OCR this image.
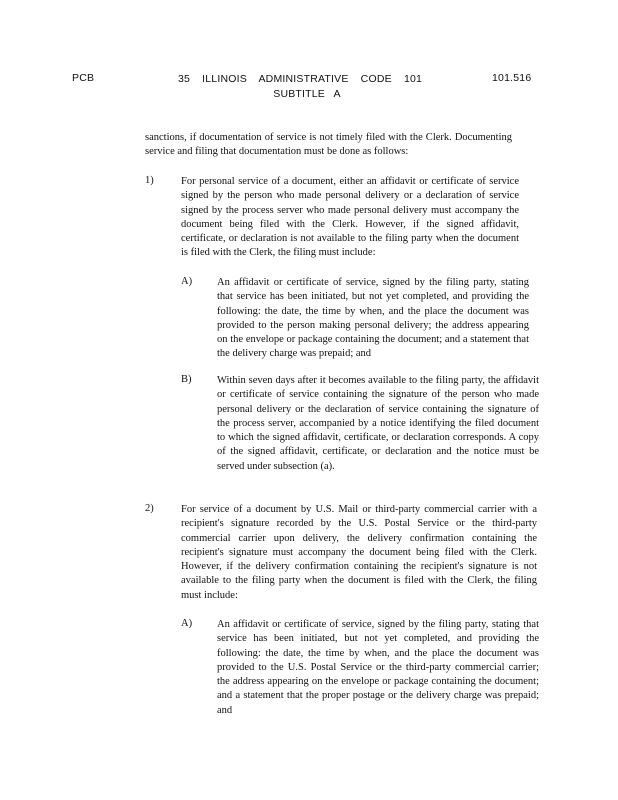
PCB	35 ILLINOIS ADMINISTRATIVE CODE 101
SUBTITLE A
101.516
sanctions, if documentation of service is not timely filed with the Clerk. Documenting service and filing that documentation must be done as follows:
1)	For personal service of a document, either an affidavit or certificate of service signed by the person who made personal delivery or a declaration of service signed by the process server who made personal delivery must accompany the document being filed with the Clerk. However, if the signed affidavit, certificate, or declaration is not available to the filing party when the document is filed with the Clerk, the filing must include:
A) An affidavit or certificate of service, signed by the filing party, stating that service has been initiated, but not yet completed, and providing the following: the date, the time by when, and the place the document was provided to the person making personal delivery; the address appearing on the envelope or package containing the document; and a statement that the delivery charge was prepaid; and
B) Within seven days after it becomes available to the filing party, the affidavit or certificate of service containing the signature of the person who made personal delivery or the declaration of service containing the signature of the process server, accompanied by a notice identifying the filed document to which the signed affidavit, certificate, or declaration corresponds. A copy of the signed affidavit, certificate, or declaration and the notice must be served under subsection (a).
2)	For service of a document by U.S. Mail or third-party commercial carrier with a recipient's signature recorded by the U.S. Postal Service or the third-party commercial carrier upon delivery, the delivery confirmation containing the recipient's signature must accompany the document being filed with the Clerk. However, if the delivery confirmation containing the recipient's signature is not available to the filing party when the document is filed with the Clerk, the filing must include:
A) An affidavit or certificate of service, signed by the filing party, stating that service has been initiated, but not yet completed, and providing the following: the date, the time by when, and the place the document was provided to the U.S. Postal Service or the third-party commercial carrier; the address appearing on the envelope or package containing the document; and a statement that the proper postage or the delivery charge was prepaid; and
